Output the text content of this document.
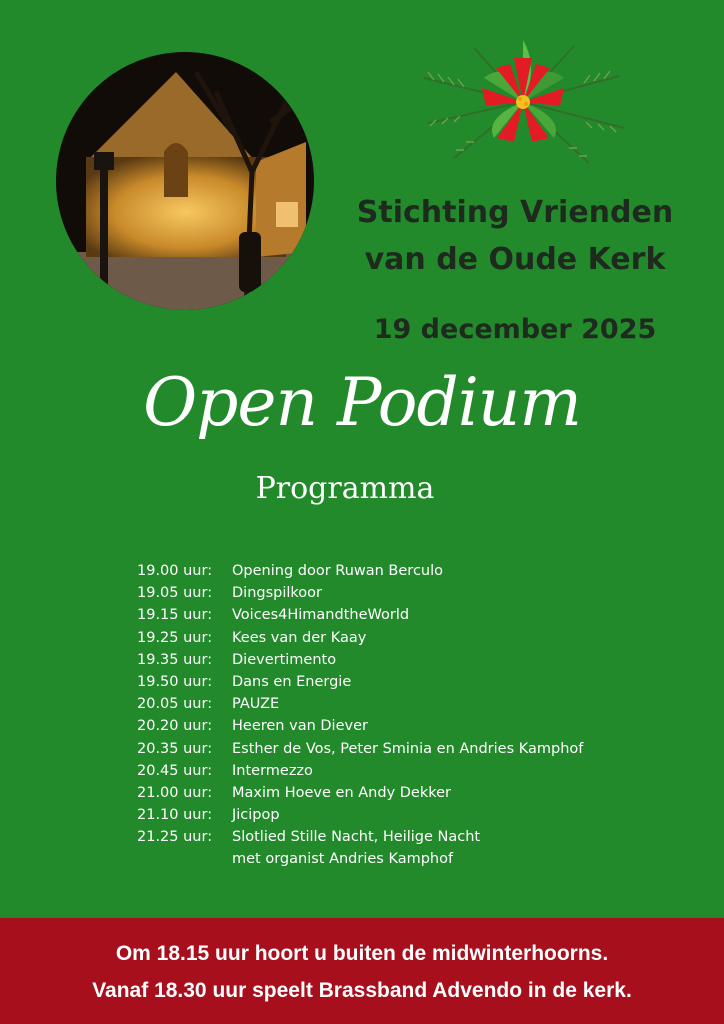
Stichting Vrienden
van de Oude Kerk
19 december 2025
Open Podium
Programma
19.00 uur:	Opening door Ruwan Berculo
19.05 uur:	Dingspilkoor
19.15 uur:	Voices4HimandtheWorld
19.25 uur:	Kees van der Kaay
19.35 uur:	Dievertimento
19.50 uur:	Dans en Energie
20.05 uur:	PAUZE
20.20 uur:	Heeren van Diever
20.35 uur:	Esther de Vos, Peter Sminia en Andries Kamphof
20.45 uur:	Intermezzo
21.00 uur:	Maxim Hoeve en Andy Dekker
21.10 uur:	Jicipop
21.25 uur:	Slotlied Stille Nacht, Heilige Nacht
met organist Andries Kamphof
Om 18.15 uur hoort u buiten de midwinterhoorns.
Vanaf 18.30 uur speelt Brassband Advendo in de kerk.
